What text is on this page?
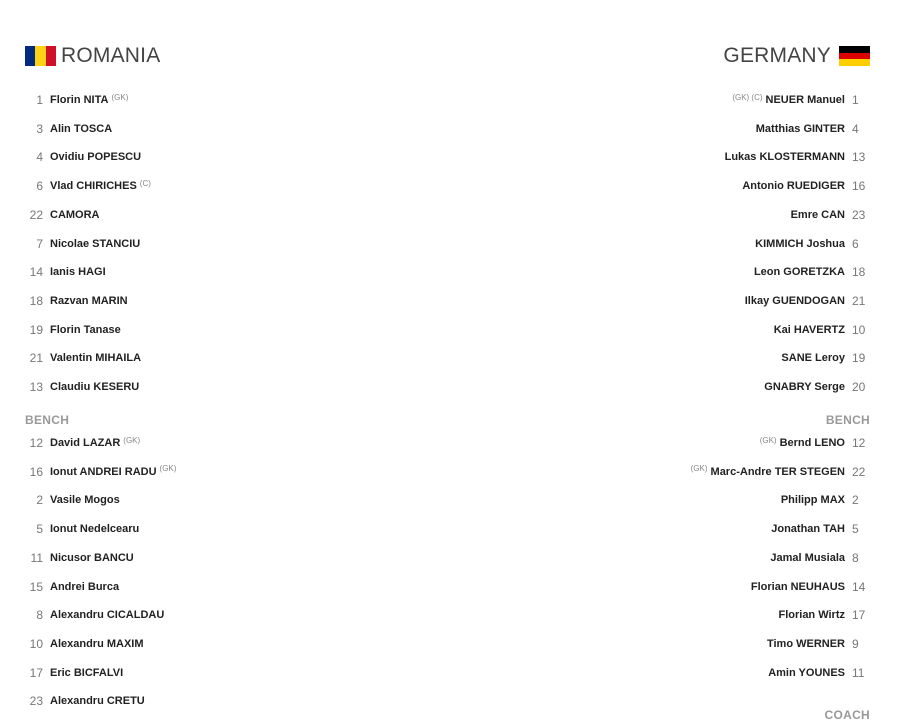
ROMANIA
1 Florin NITA (GK)
3 Alin TOSCA
4 Ovidiu POPESCU
6 Vlad CHIRICHES (C)
22 CAMORA
7 Nicolae STANCIU
14 Ianis HAGI
18 Razvan MARIN
19 Florin Tanase
21 Valentin MIHAILA
13 Claudiu KESERU
BENCH
12 David LAZAR (GK)
16 Ionut ANDREI RADU (GK)
2 Vasile Mogos
5 Ionut Nedelcearu
11 Nicusor BANCU
15 Andrei Burca
8 Alexandru CICALDAU
10 Alexandru MAXIM
17 Eric BICFALVI
23 Alexandru CRETU
GERMANY
(GK) (C) NEUER Manuel 1
Matthias GINTER 4
Lukas KLOSTERMANN 13
Antonio RUEDIGER 16
Emre CAN 23
KIMMICH Joshua 6
Leon GORETZKA 18
Ilkay GUENDOGAN 21
Kai HAVERTZ 10
SANE Leroy 19
GNABRY Serge 20
BENCH
(GK) Bernd LENO 12
(GK) Marc-Andre TER STEGEN 22
Philipp MAX 2
Jonathan TAH 5
Jamal Musiala 8
Florian NEUHAUS 14
Florian Wirtz 17
Timo WERNER 9
Amin YOUNES 11
COACH
